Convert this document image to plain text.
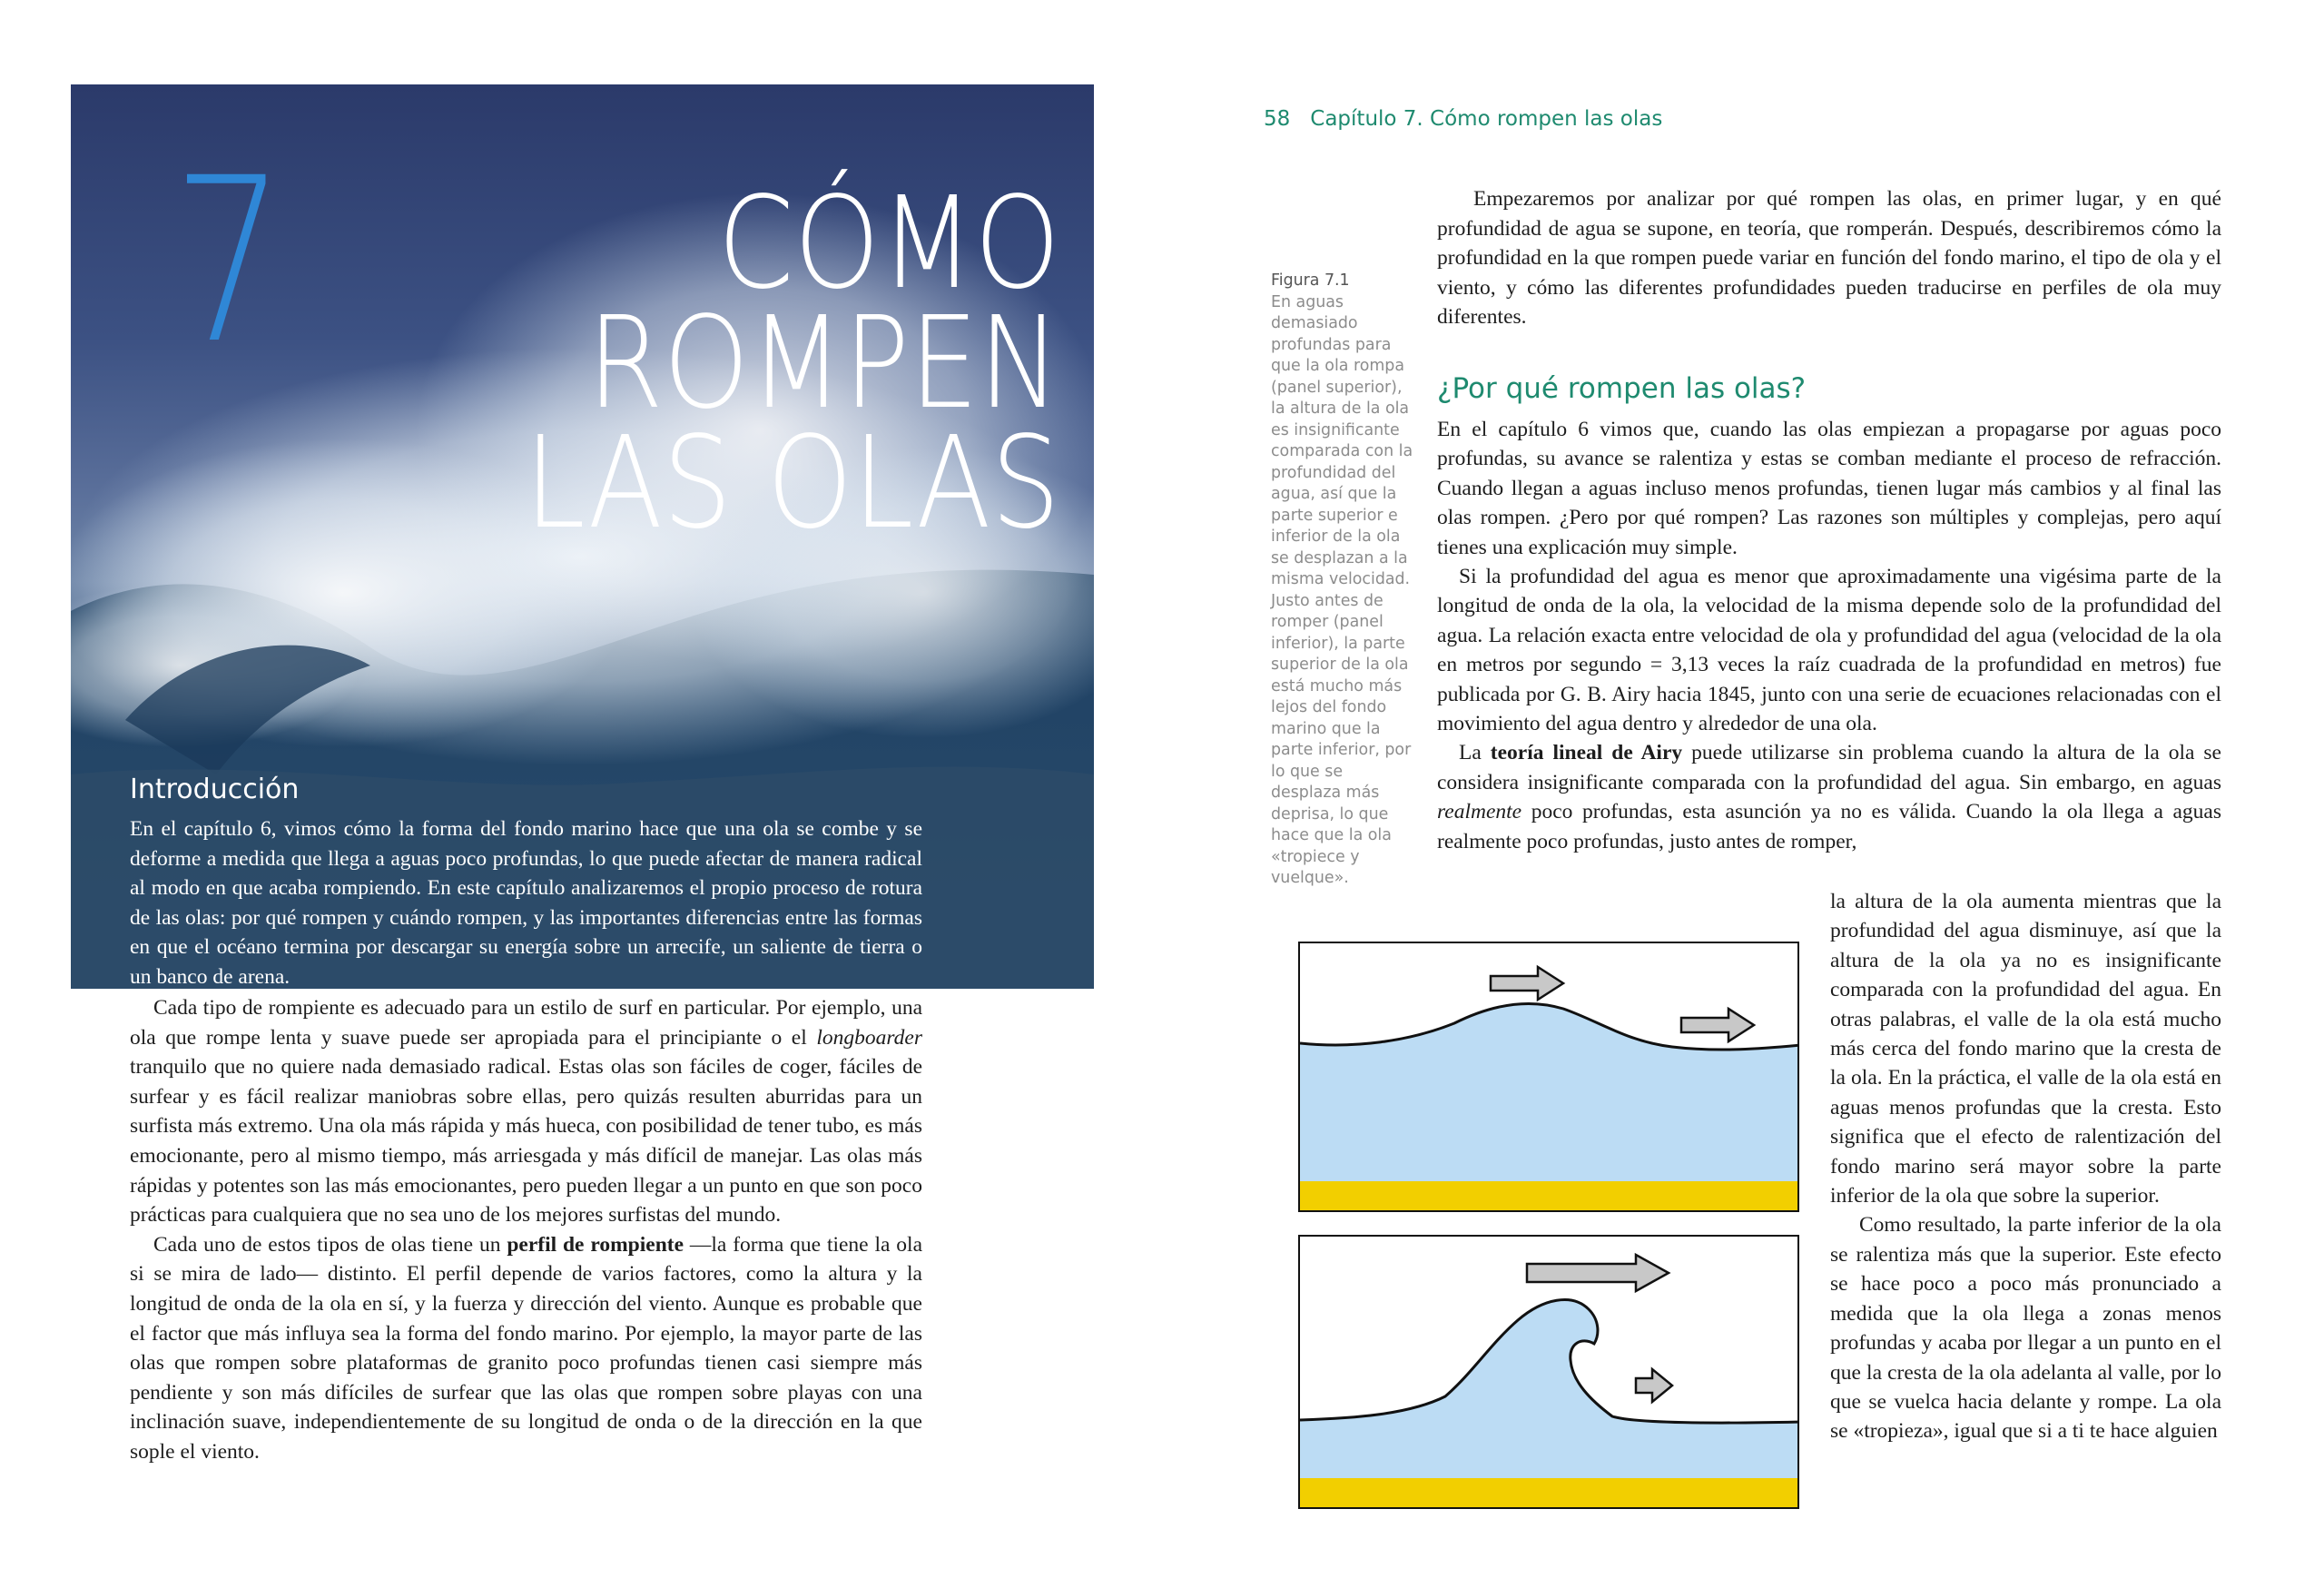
7	CÓMO
ROMPEN
LAS OLAS
Introducción
En el capítulo 6, vimos cómo la forma del fondo marino hace que una ola se combe y se deforme a medida que llega a aguas poco profundas, lo que puede afectar de manera radical al modo en que acaba rompiendo. En este capítulo analizaremos el propio proceso de rotura de las olas: por qué rompen y cuándo rompen, y las importantes diferencias entre las formas en que el océano termina por descargar su energía sobre un arrecife, un saliente de tierra o un banco de arena.

Cada tipo de rompiente es adecuado para un estilo de surf en particular. Por ejemplo, una ola que rompe lenta y suave puede ser apropiada para el principiante o el longboarder tranquilo que no quiere nada demasiado radical. Estas olas son fáciles de coger, fáciles de surfear y es fácil realizar maniobras sobre ellas, pero quizás resulten aburridas para un surfista más extremo. Una ola más rápida y más hueca, con posibilidad de tener tubo, es más emocionante, pero al mismo tiempo, más arriesgada y más difícil de manejar. Las olas más rápidas y potentes son las más emocionantes, pero pueden llegar a un punto en que son poco prácticas para cualquiera que no sea uno de los mejores surfistas del mundo.

Cada uno de estos tipos de olas tiene un perfil de rompiente —la forma que tiene la ola si se mira de lado— distinto. El perfil depende de varios factores, como la altura y la longitud de onda de la ola en sí, y la fuerza y dirección del viento. Aunque es probable que el factor que más influya sea la forma del fondo marino. Por ejemplo, la mayor parte de las olas que rompen sobre plataformas de granito poco profundas tienen casi siempre más pendiente y son más difíciles de surfear que las olas que rompen sobre playas con una inclinación suave, independientemente de su longitud de onda o de la dirección en la que sople el viento.

58 Capítulo 7. Cómo rompen las olas
Figura 7.1
En aguas demasiado profundas para que la ola rompa (panel superior), la altura de la ola es insignificante comparada con la profundidad del agua, así que la parte superior e inferior de la ola se desplazan a la misma velocidad. Justo antes de romper (panel inferior), la parte superior de la ola está mucho más lejos del fondo marino que la parte inferior, por lo que se desplaza más deprisa, lo que hace que la ola «tropiece y vuelque».

Empezaremos por analizar por qué rompen las olas, en primer lugar, y en qué profundidad de agua se supone, en teoría, que romperán. Después, describiremos cómo la profundidad en la que rompen puede variar en función del fondo marino, el tipo de ola y el viento, y cómo las diferentes profundidades pueden traducirse en perfiles de ola muy diferentes.

¿Por qué rompen las olas?

En el capítulo 6 vimos que, cuando las olas empiezan a propagarse por aguas poco profundas, su avance se ralentiza y estas se comban mediante el proceso de refracción. Cuando llegan a aguas incluso menos profundas, tienen lugar más cambios y al final las olas rompen. ¿Pero por qué rompen? Las razones son múltiples y complejas, pero aquí tienes una explicación muy simple.

Si la profundidad del agua es menor que aproximadamente una vigésima parte de la longitud de onda de la ola, la velocidad de la misma depende solo de la profundidad del agua. La relación exacta entre velocidad de ola y profundidad del agua (velocidad de la ola en metros por segundo = 3,13 veces la raíz cuadrada de la profundidad en metros) fue publicada por G. B. Airy hacia 1845, junto con una serie de ecuaciones relacionadas con el movimiento del agua dentro y alrededor de una ola.

La teoría lineal de Airy puede utilizarse sin problema cuando la altura de la ola se considera insignificante comparada con la profundidad del agua. Sin embargo, en aguas realmente poco profundas, esta asunción ya no es válida. Cuando la ola llega a aguas realmente poco profundas, justo antes de romper,

la altura de la ola aumenta mientras que la profundidad del agua disminuye, así que la altura de la ola ya no es insignificante comparada con la profundidad del agua. En otras palabras, el valle de la ola está mucho más cerca del fondo marino que la cresta de la ola. En la práctica, el valle de la ola está en aguas menos profundas que la cresta. Esto significa que el efecto de ralentización del fondo marino será mayor sobre la parte inferior de la ola que sobre la superior.

Como resultado, la parte inferior de la ola se ralentiza más que la superior. Este efecto se hace poco a poco más pronunciado a medida que la ola llega a zonas menos profundas y acaba por llegar a un punto en el que la cresta de la ola adelanta al valle, por lo que se vuelca hacia delante y rompe. La ola se «tropieza», igual que si a ti te hace alguien
